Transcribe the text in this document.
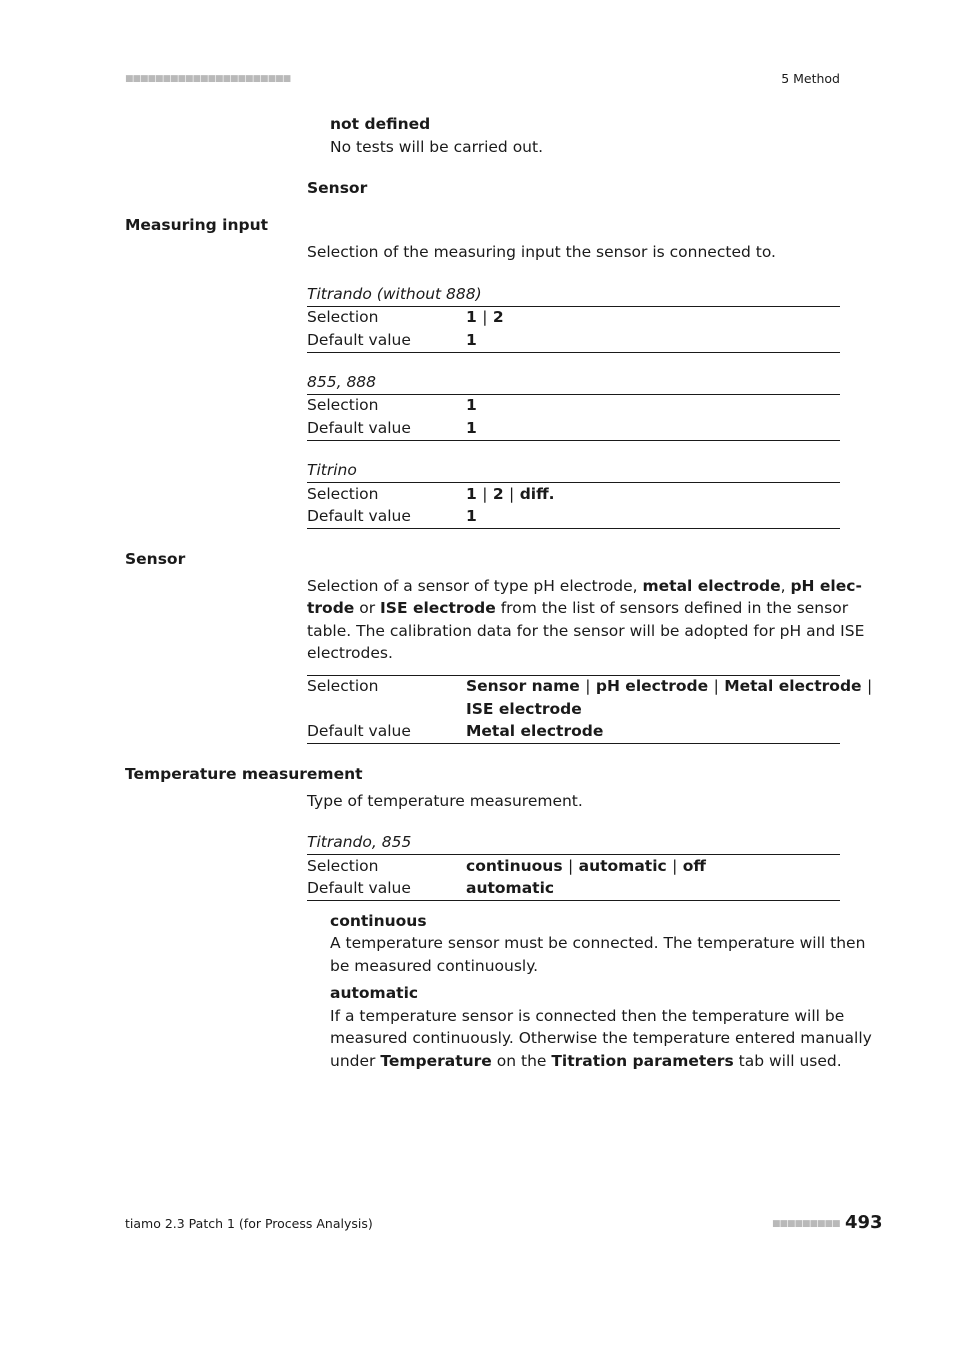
■■■■■■■■■■■■■■■■■■■■■■	5 Method
not defined
No tests will be carried out.
Sensor
Measuring input
Selection of the measuring input the sensor is connected to.
Titrando (without 888)
Selection	1 | 2
Default value	1
855, 888
Selection	1
Default value	1
Titrino
Selection	1 | 2 | diff.
Default value	1
Sensor
Selection of a sensor of type pH electrode, metal electrode, pH elec-
trode or ISE electrode from the list of sensors defined in the sensor
table. The calibration data for the sensor will be adopted for pH and ISE
electrodes.
Selection	Sensor name | pH electrode | Metal electrode |
ISE electrode
Default value	Metal electrode
Temperature measurement
Type of temperature measurement.
Titrando, 855
Selection	continuous | automatic | off
Default value	automatic
continuous
A temperature sensor must be connected. The temperature will then
be measured continuously.
automatic
If a temperature sensor is connected then the temperature will be
measured continuously. Otherwise the temperature entered manually
under Temperature on the Titration parameters tab will used.
tiamo 2.3 Patch 1 (for Process Analysis)	■■■■■■■■■ 493
